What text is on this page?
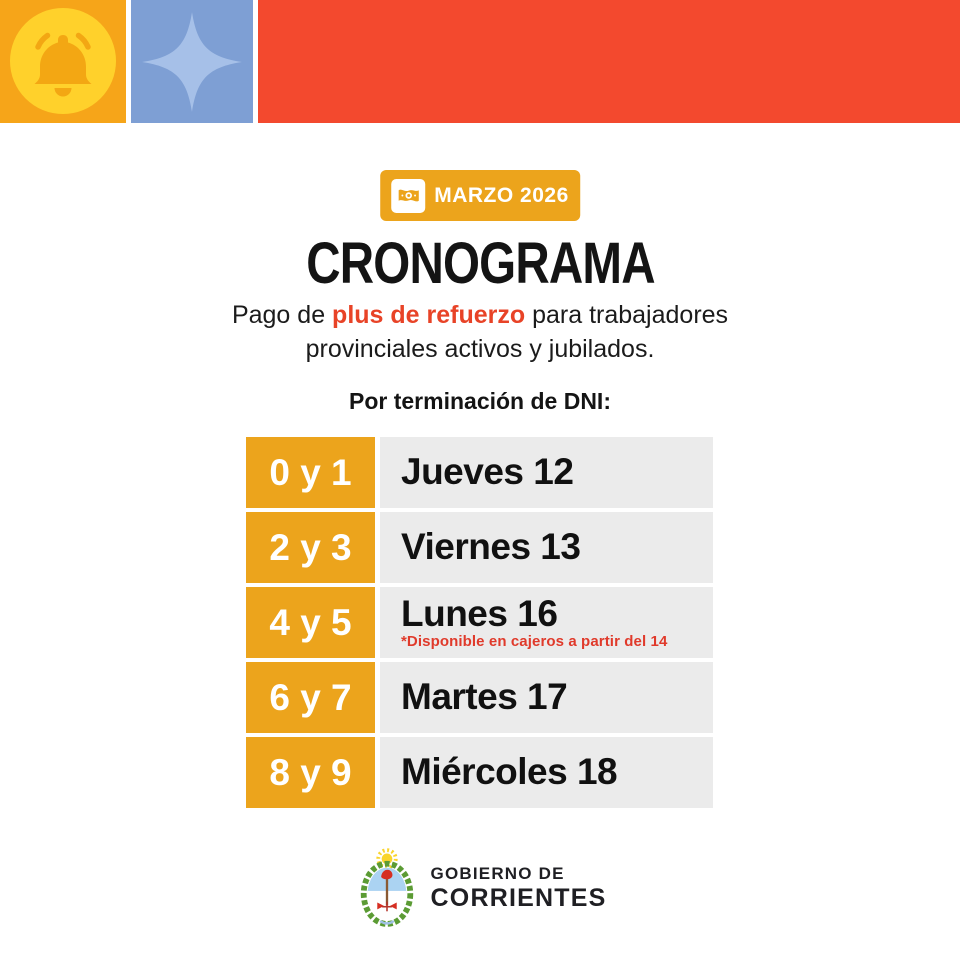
MARZO 2026
CRONOGRAMA

Pago de plus de refuerzo para trabajadores
provinciales activos y jubilados.

Por terminación de DNI:
0 y 1 Jueves 12
2 y 3 Viernes 13
4 y 5 Lunes 16
*Disponible en cajeros a partir del 14
6 y 7 Martes 17
8 y 9 Miércoles 18
GOBIERNO DE
CORRIENTES
